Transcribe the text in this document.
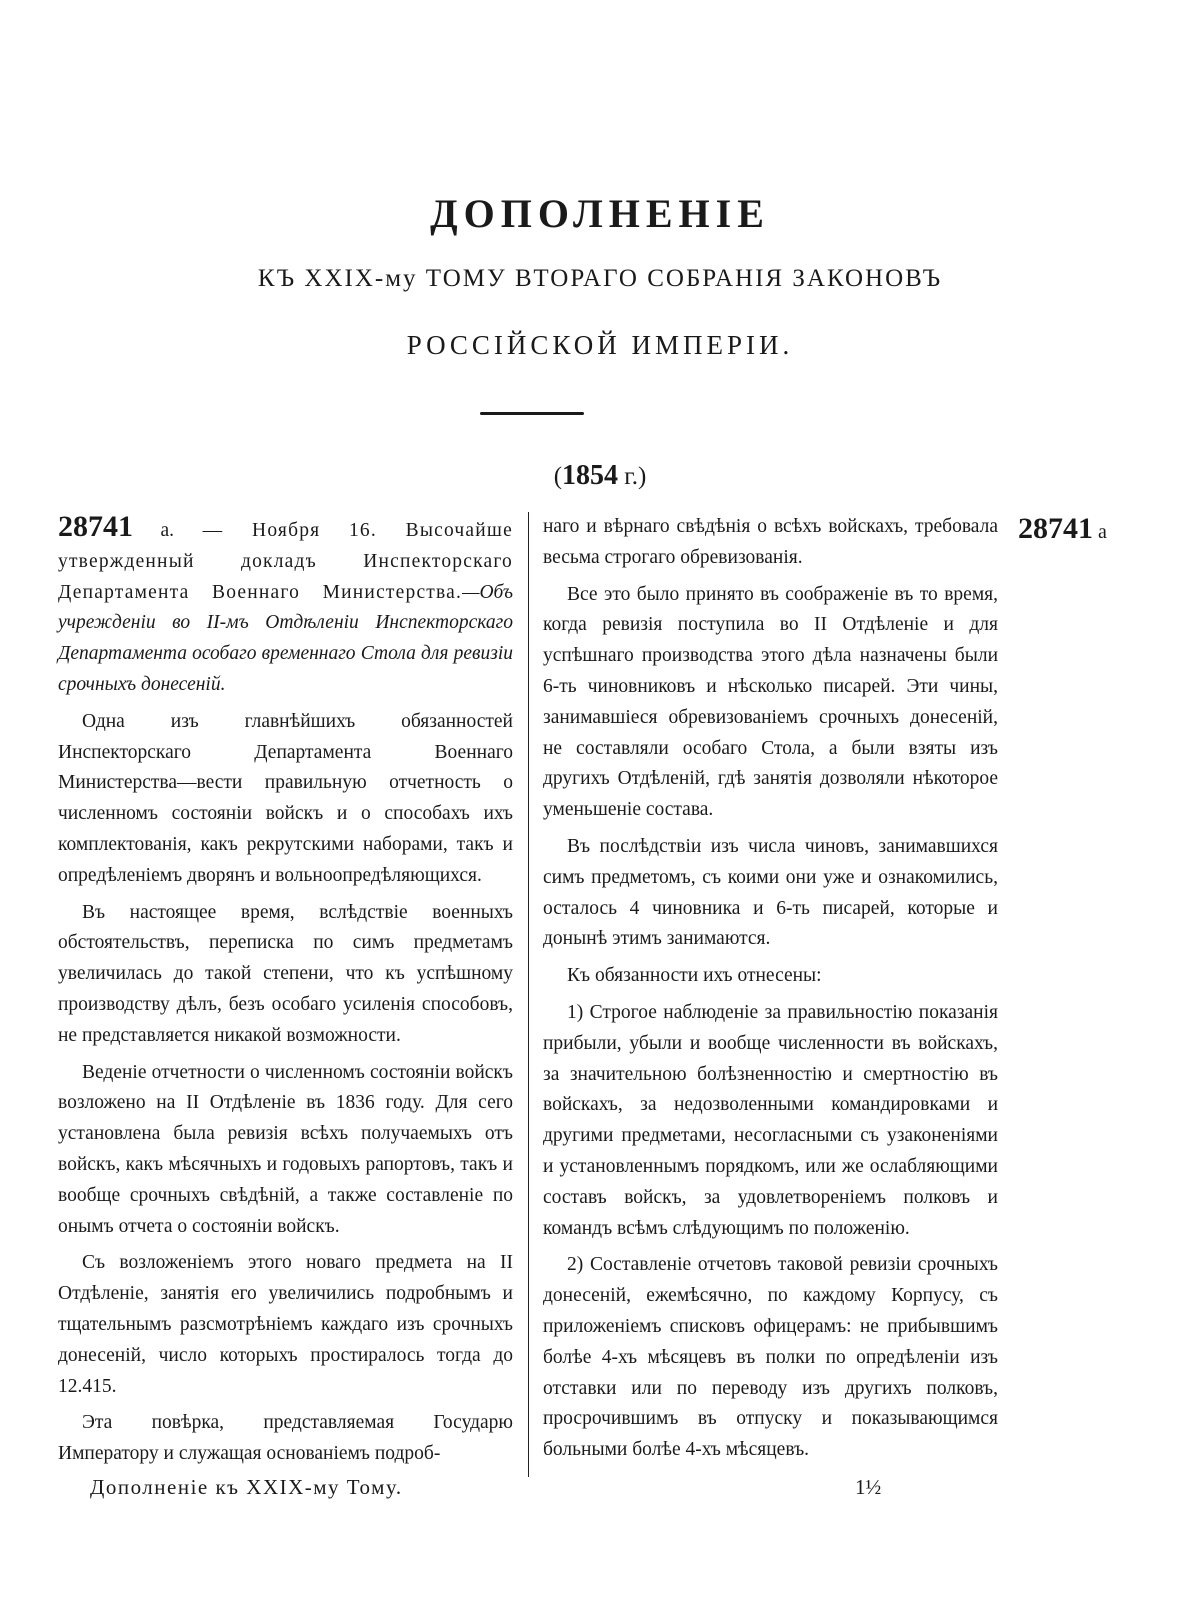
ДОПОЛНЕНІЕ
КЪ XXIX-му ТОМУ ВТОРАГО СОБРАНІЯ ЗАКОНОВЪ
РОССІЙСКОЙ ИМПЕРІИ.
(1854 г.)

28741 а. — Ноября 16. Высочайше утвержденный докладъ Инспекторскаго Департамента Военнаго Министерства.—Объ учрежденіи во ІІ-мъ Отдѣленіи Инспекторскаго Департамента особаго временнаго Стола для ревизіи срочныхъ донесеній.

Одна изъ главнѣйшихъ обязанностей Инспекторскаго Департамента Военнаго Министерства—вести правильную отчетность о численномъ состояніи войскъ и о способахъ ихъ комплектованія, какъ рекрутскими наборами, такъ и опредѣленіемъ дворянъ и вольноопредѣляющихся.

Въ настоящее время, вслѣдствіе военныхъ обстоятельствъ, переписка по симъ предметамъ увеличилась до такой степени, что къ успѣшному производству дѣлъ, безъ особаго усиленія способовъ, не представляется никакой возможности.

Веденіе отчетности о численномъ состояніи войскъ возложено на ІІ Отдѣленіе въ 1836 году. Для сего установлена была ревизія всѣхъ получаемыхъ отъ войскъ, какъ мѣсячныхъ и годовыхъ рапортовъ, такъ и вообще срочныхъ свѣдѣній, а также составленіе по онымъ отчета о состояніи войскъ.

Съ возложеніемъ этого новаго предмета на ІІ Отдѣленіе, занятія его увеличились подробнымъ и тщательнымъ разсмотрѣніемъ каждаго изъ срочныхъ донесеній, число которыхъ простиралось тогда до 12.415.

Эта повѣрка, представляемая Государю Императору и служащая основаніемъ подроб-

наго и вѣрнаго свѣдѣнія о всѣхъ войскахъ, требовала весьма строгаго обревизованія.

Все это было принято въ соображеніе въ то время, когда ревизія поступила во ІІ Отдѣленіе и для успѣшнаго производства этого дѣла назначены были 6-ть чиновниковъ и нѣсколько писарей. Эти чины, занимавшіеся обревизованіемъ срочныхъ донесеній, не составляли особаго Стола, а были взяты изъ другихъ Отдѣленій, гдѣ занятія дозволяли нѣкоторое уменьшеніе состава.

Въ послѣдствіи изъ числа чиновъ, занимавшихся симъ предметомъ, съ коими они уже и ознакомились, осталось 4 чиновника и 6-ть писарей, которые и донынѣ этимъ занимаются.

Къ обязанности ихъ отнесены:

1) Строгое наблюденіе за правильностію показанія прибыли, убыли и вообще численности въ войскахъ, за значительною болѣзненностію и смертностію въ войскахъ, за недозволенными командировками и другими предметами, несогласными съ узаконеніями и установленнымъ порядкомъ, или же ослабляющими составъ войскъ, за удовлетвореніемъ полковъ и командъ всѣмъ слѣдующимъ по положенію.

2) Составленіе отчетовъ таковой ревизіи срочныхъ донесеній, ежемѣсячно, по каждому Корпусу, съ приложеніемъ списковъ офицерамъ: не прибывшимъ болѣе 4-хъ мѣсяцевъ въ полки по опредѣленіи изъ отставки или по переводу изъ другихъ полковъ, просрочившимъ въ отпуску и показывающимся больными болѣе 4-хъ мѣсяцевъ.

28741 а
Дополненіе къ XXIX-му Тому.	1½
